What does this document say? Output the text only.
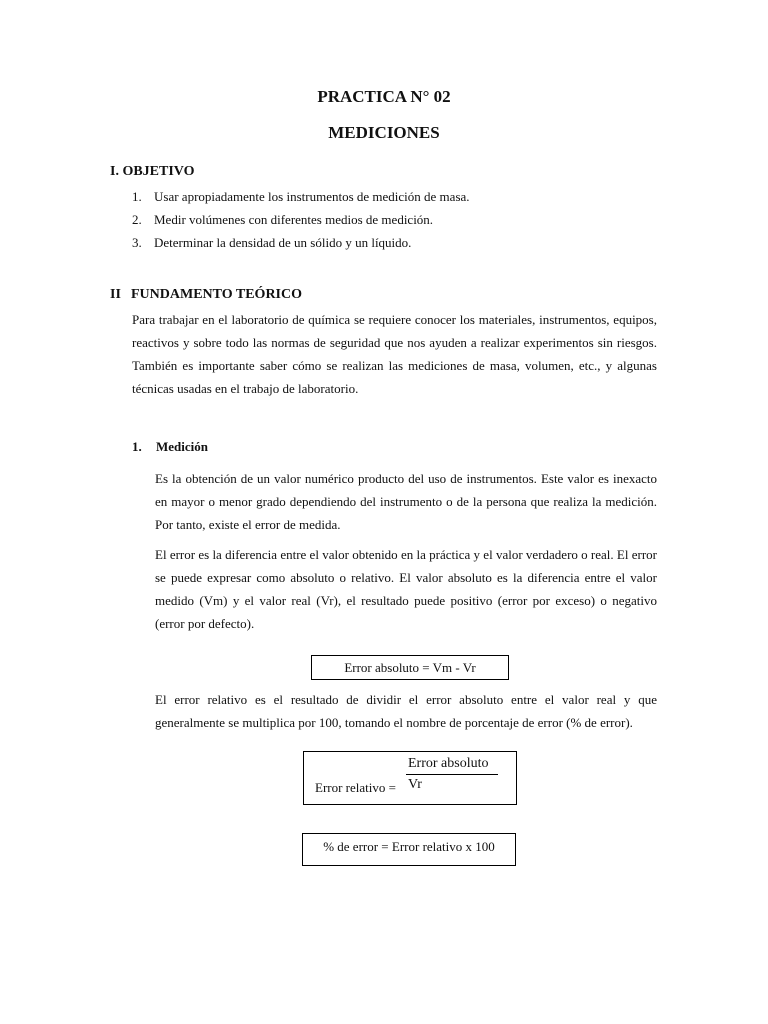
PRACTICA N° 02
MEDICIONES
I. OBJETIVO
1. Usar apropiadamente los instrumentos de medición de masa.
2. Medir volúmenes con diferentes medios de medición.
3. Determinar la densidad de un sólido y un líquido.
II FUNDAMENTO TEÓRICO
Para trabajar en el laboratorio de química se requiere conocer los materiales, instrumentos, equipos, reactivos y sobre todo las normas de seguridad que nos ayuden a realizar experimentos sin riesgos. También es importante saber cómo se realizan las mediciones de masa, volumen, etc., y algunas técnicas usadas en el trabajo de laboratorio.
1. Medición
Es la obtención de un valor numérico producto del uso de instrumentos. Este valor es inexacto en mayor o menor grado dependiendo del instrumento o de la persona que realiza la medición. Por tanto, existe el error de medida.
El error es la diferencia entre el valor obtenido en la práctica y el valor verdadero o real. El error se puede expresar como absoluto o relativo. El valor absoluto es la diferencia entre el valor medido (Vm) y el valor real (Vr), el resultado puede positivo (error por exceso) o negativo (error por defecto).
Error absoluto = Vm - Vr
El error relativo es el resultado de dividir el error absoluto entre el valor real y que generalmente se multiplica por 100, tomando el nombre de porcentaje de error (% de error).
Error relativo =
Error absoluto
Vr
% de error = Error relativo x 100
